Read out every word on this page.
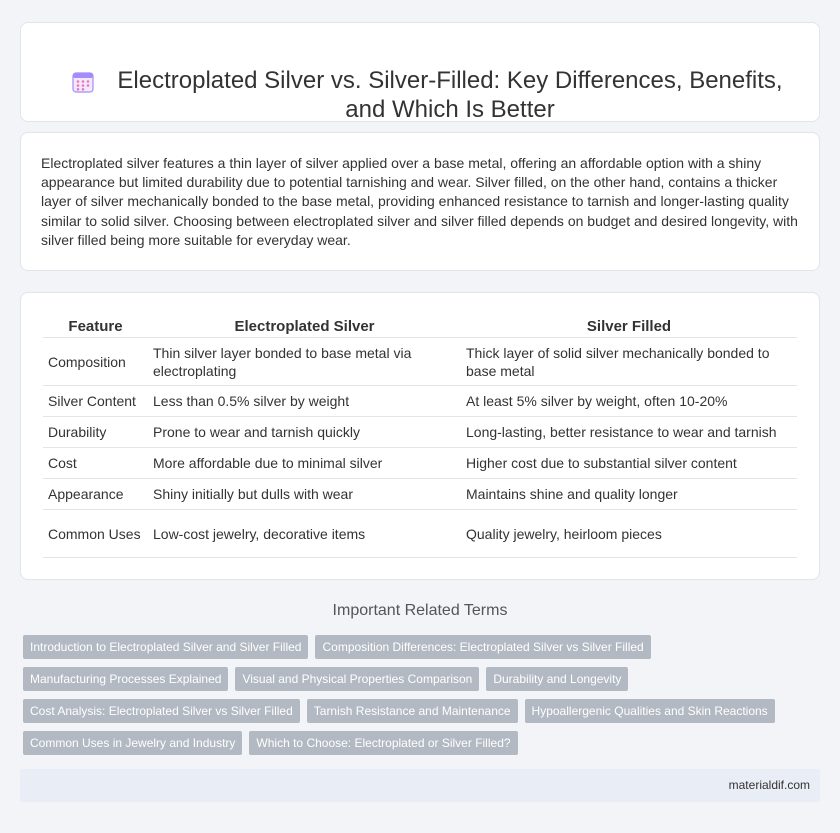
Electroplated Silver vs. Silver-Filled: Key Differences, Benefits, and Which Is Better

Electroplated silver features a thin layer of silver applied over a base metal, offering an affordable option with a shiny appearance but limited durability due to potential tarnishing and wear. Silver filled, on the other hand, contains a thicker layer of silver mechanically bonded to the base metal, providing enhanced resistance to tarnish and longer-lasting quality similar to solid silver. Choosing between electroplated silver and silver filled depends on budget and desired longevity, with silver filled being more suitable for everyday wear.

Feature	Electroplated Silver	Silver Filled
Composition	Thin silver layer bonded to base metal via electroplating	Thick layer of solid silver mechanically bonded to base metal
Silver Content	Less than 0.5% silver by weight	At least 5% silver by weight, often 10-20%
Durability	Prone to wear and tarnish quickly	Long-lasting, better resistance to wear and tarnish
Cost	More affordable due to minimal silver	Higher cost due to substantial silver content
Appearance	Shiny initially but dulls with wear	Maintains shine and quality longer
Common Uses	Low-cost jewelry, decorative items	Quality jewelry, heirloom pieces
Important Related Terms
Introduction to Electroplated Silver and Silver Filled	Composition Differences: Electroplated Silver vs Silver Filled
Manufacturing Processes Explained	Visual and Physical Properties Comparison	Durability and Longevity
Cost Analysis: Electroplated Silver vs Silver Filled	Tarnish Resistance and Maintenance	Hypoallergenic Qualities and Skin Reactions
Common Uses in Jewelry and Industry	Which to Choose: Electroplated or Silver Filled?
materialdif.com
